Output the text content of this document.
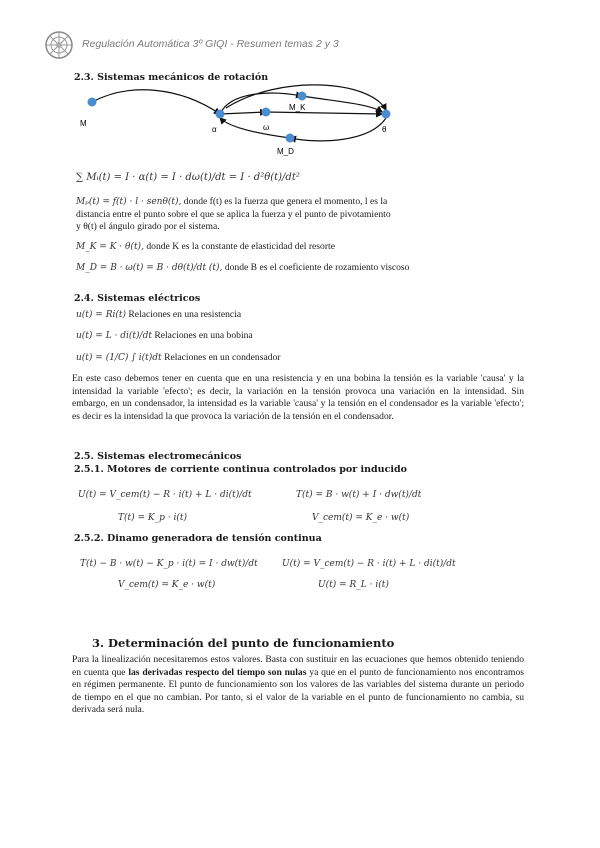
Regulación Automática 3º GIQI - Resumen temas 2 y 3
2.3. Sistemas mecánicos de rotación
M
α	ω
M_K
M_D
θ
∑ Mᵢ(t) = I · α(t) = I · dω(t)/dt = I · d²θ(t)/dt²
Mₚ(t) = f(t) · l · senθ(t), donde f(t) es la fuerza que genera el momento, l es la
distancia entre el punto sobre el que se aplica la fuerza y el punto de pivotamiento
y θ(t) el ángulo girado por el sistema.
M_K = K · θ(t), donde K es la constante de elasticidad del resorte
M_D = B · ω(t) = B · dθ(t)/dt (t), donde B es el coeficiente de rozamiento viscoso
2.4. Sistemas eléctricos
u(t) = Ri(t) Relaciones en una resistencia
u(t) = L · di(t)/dt Relaciones en una bobina
u(t) = (1/C) ∫ i(t)dt Relaciones en un condensador
En este caso debemos tener en cuenta que en una resistencia y en una bobina la tensión es la variable 'causa' y la intensidad la variable 'efecto'; es decir, la variación en la tensión provoca una variación en la intensidad. Sin embargo, en un condensador, la intensidad es la variable 'causa' y la tensión en el condensador es la variable 'efecto'; es decir es la intensidad la que provoca la variación de la tensión en el condensador.
2.5. Sistemas electromecánicos
2.5.1. Motores de corriente continua controlados por inducido
U(t) = V_cem(t) − R · i(t) + L · di(t)/dt
T(t) = K_p · i(t)
T(t) = B · w(t) + I · dw(t)/dt
V_cem(t) = K_e · w(t)
2.5.2. Dinamo generadora de tensión continua
T(t) − B · w(t) − K_p · i(t) = I · dw(t)/dt
V_cem(t) = K_e · w(t)
U(t) = V_cem(t) − R · i(t) + L · di(t)/dt
U(t) = R_L · i(t)
3. Determinación del punto de funcionamiento
Para la linealización necesitaremos estos valores. Basta con sustituir en las ecuaciones que hemos obtenido teniendo en cuenta que las derivadas respecto del tiempo son nulas ya que en el punto de funcionamiento nos encontramos en régimen permanente. El punto de funcionamiento son los valores de las variables del sistema durante un periodo de tiempo en el que no cambian. Por tanto, si el valor de la variable en el punto de funcionamiento no cambia, su derivada será nula.
